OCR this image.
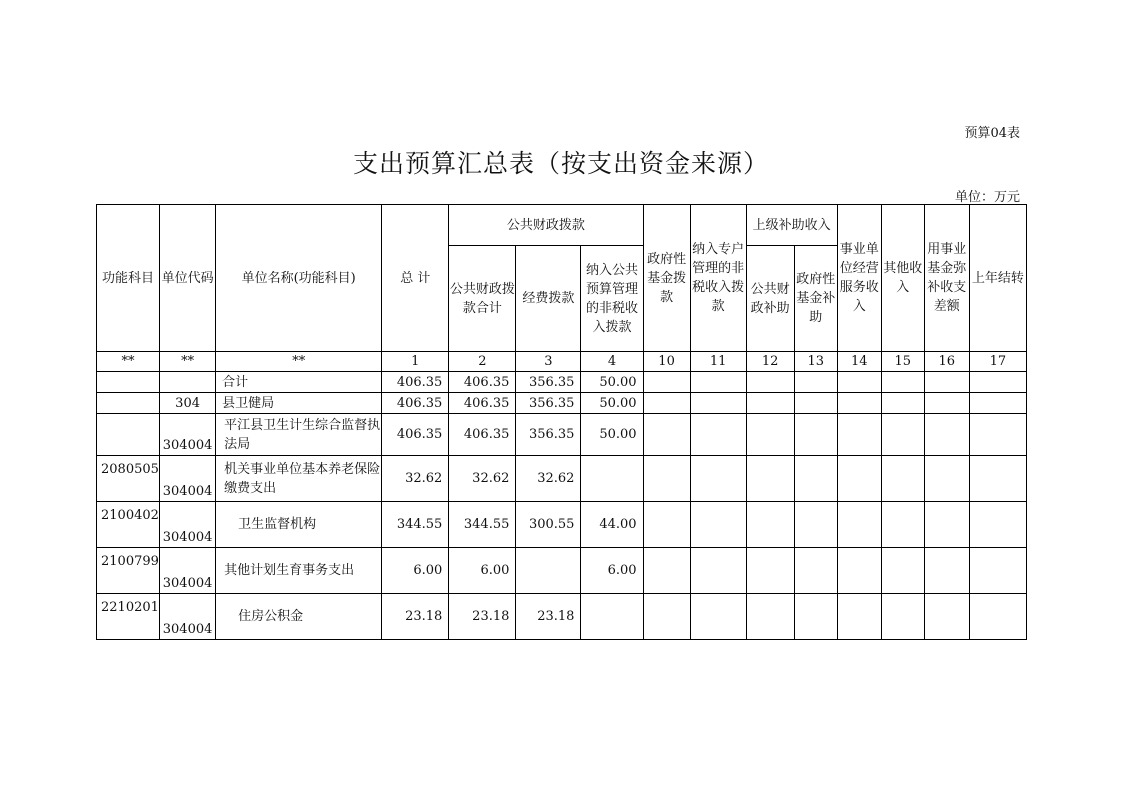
预算04表
支出预算汇总表（按支出资金来源）
单位：万元
功能科目	单位代码	单位名称(功能科目)	总 计	公共财政拨款			政府性基金拨款	纳入专户管理的非税收入拨款	上级补助收入		事业单位经营服务收入	其他收入	用事业基金弥补收支差额	上年结转
				公共财政拨款合计	经费拨款	纳入公共预算管理的非税收入拨款			公共财政补助	政府性基金补助				
**	**	**	1	2	3	4	10	11	12	13	14	15	16	17
		合计	406.35	406.35	356.35	50.00								
	304	县卫健局	406.35	406.35	356.35	50.00								
	304004	平江县卫生计生综合监督执法局	406.35	406.35	356.35	50.00								
2080505	304004	机关事业单位基本养老保险缴费支出	32.62	32.62	32.62									
2100402	304004	卫生监督机构	344.55	344.55	300.55	44.00								
2100799	304004	其他计划生育事务支出	6.00	6.00		6.00								
2210201	304004	住房公积金	23.18	23.18	23.18									
